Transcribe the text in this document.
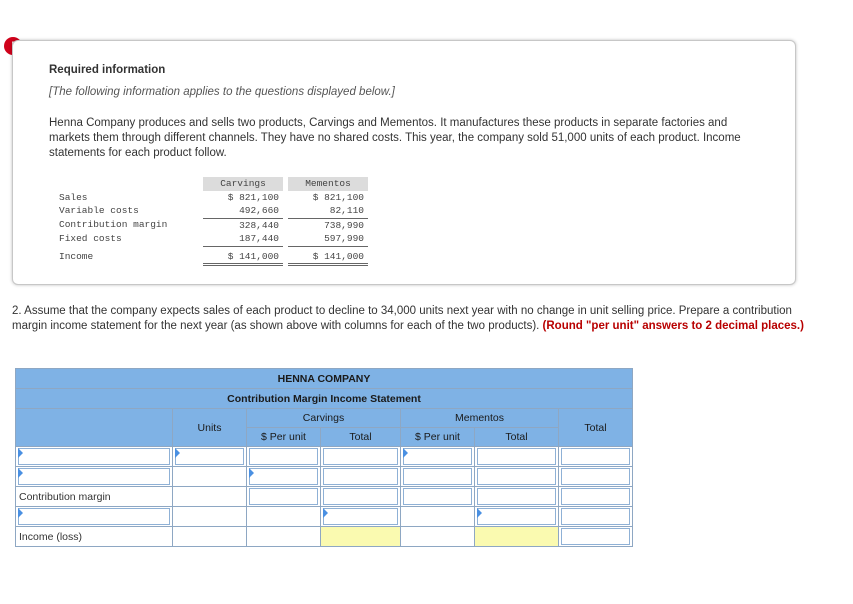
Required information
[The following information applies to the questions displayed below.]
Henna Company produces and sells two products, Carvings and Mementos. It manufactures these products in separate factories and markets them through different channels. They have no shared costs. This year, the company sold 51,000 units of each product. Income statements for each product follow.
	Carvings		Mementos
Sales	$ 821,100		$ 821,100
Variable costs	492,660		82,110
Contribution margin	328,440		738,990
Fixed costs	187,440		597,990
Income	$ 141,000		$ 141,000
2. Assume that the company expects sales of each product to decline to 34,000 units next year with no change in unit selling price. Prepare a contribution margin income statement for the next year (as shown above with columns for each of the two products). (Round "per unit" answers to 2 decimal places.)
HENNA COMPANY						
Contribution Margin Income Statement						
	Units	Carvings		Mementos		Total
		$ Per unit	Total	$ Per unit	Total	

Contribution margin		

Income (loss)						
